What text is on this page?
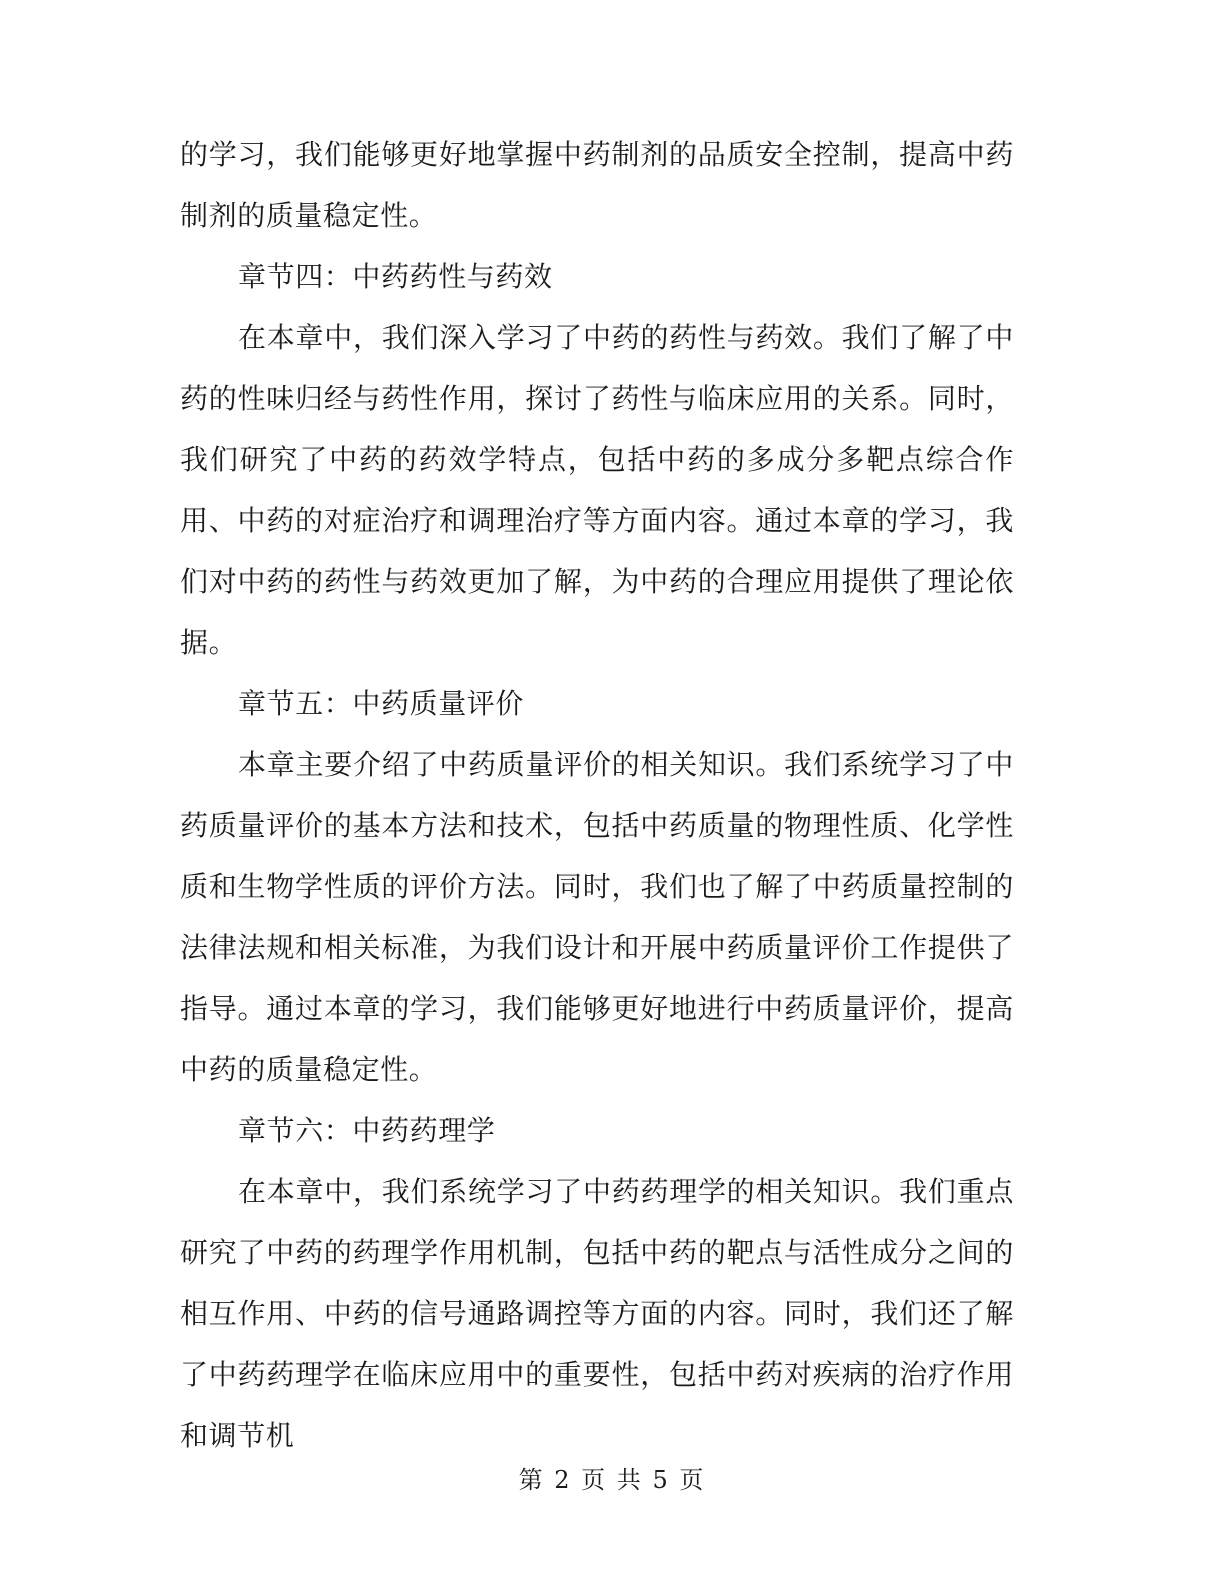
的学习，我们能够更好地掌握中药制剂的品质安全控制，提高中药制剂的质量稳定性。

章节四：中药药性与药效

在本章中，我们深入学习了中药的药性与药效。我们了解了中药的性味归经与药性作用，探讨了药性与临床应用的关系。同时，我们研究了中药的药效学特点，包括中药的多成分多靶点综合作用、中药的对症治疗和调理治疗等方面内容。通过本章的学习，我们对中药的药性与药效更加了解，为中药的合理应用提供了理论依据。

章节五：中药质量评价

本章主要介绍了中药质量评价的相关知识。我们系统学习了中药质量评价的基本方法和技术，包括中药质量的物理性质、化学性质和生物学性质的评价方法。同时，我们也了解了中药质量控制的法律法规和相关标准，为我们设计和开展中药质量评价工作提供了指导。通过本章的学习，我们能够更好地进行中药质量评价，提高中药的质量稳定性。

章节六：中药药理学

在本章中，我们系统学习了中药药理学的相关知识。我们重点研究了中药的药理学作用机制，包括中药的靶点与活性成分之间的相互作用、中药的信号通路调控等方面的内容。同时，我们还了解了中药药理学在临床应用中的重要性，包括中药对疾病的治疗作用和调节机

第 2 页 共 5 页
